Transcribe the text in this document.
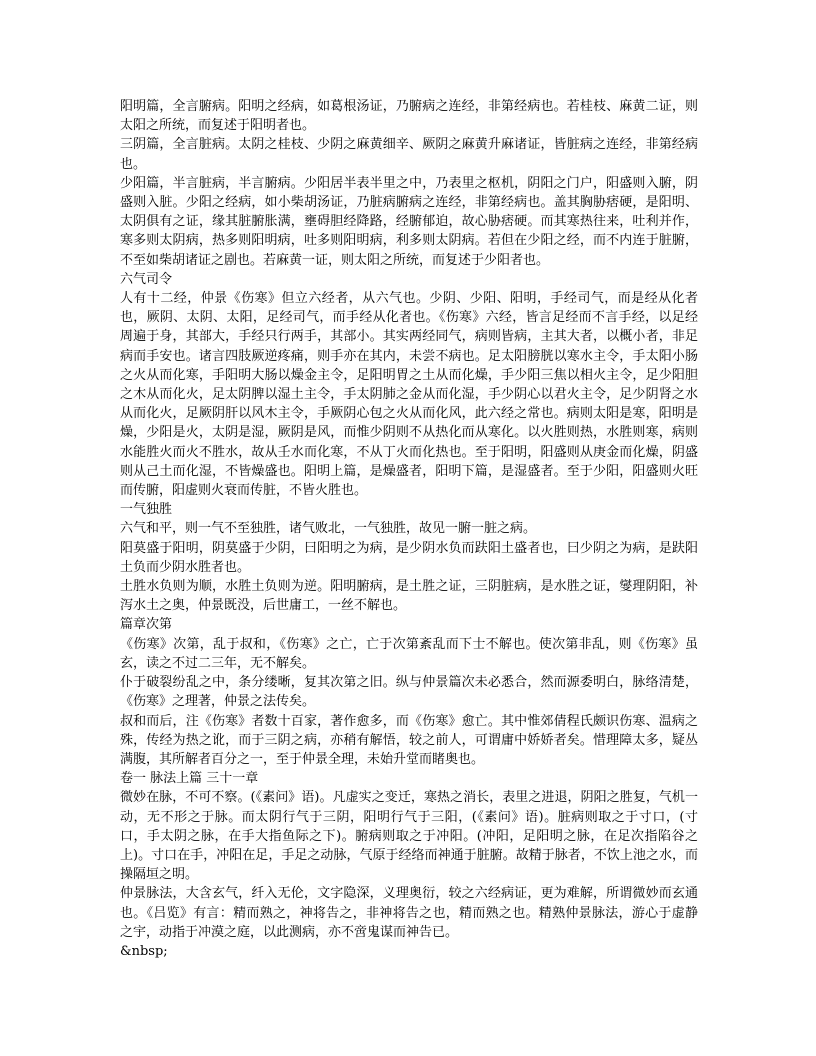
阳明篇，全言腑病。阳明之经病，如葛根汤证，乃腑病之连经，非第经病也。若桂枝、麻黄二证，则太阳之所统，而复述于阳明者也。

三阴篇，全言脏病。太阴之桂枝、少阴之麻黄细辛、厥阴之麻黄升麻诸证，皆脏病之连经，非第经病也。

少阳篇，半言脏病，半言腑病。少阳居半表半里之中，乃表里之枢机，阴阳之门户，阳盛则入腑，阴盛则入脏。少阳之经病，如小柴胡汤证，乃脏病腑病之连经，非第经病也。盖其胸胁痞硬，是阳明、太阴俱有之证，缘其脏腑胀满，壅碍胆经降路，经腑郁迫，故心胁痞硬。而其寒热往来，吐利并作，寒多则太阴病，热多则阳明病，吐多则阳明病，利多则太阴病。若但在少阳之经，而不内连于脏腑，不至如柴胡诸证之剧也。若麻黄一证，则太阳之所统，而复述于少阳者也。

六气司令

人有十二经，仲景《伤寒》但立六经者，从六气也。少阴、少阳、阳明，手经司气，而是经从化者也，厥阴、太阴、太阳，足经司气，而手经从化者也。《伤寒》六经，皆言足经而不言手经，以足经周遍于身，其部大，手经只行两手，其部小。其实两经同气，病则皆病，主其大者，以概小者，非足病而手安也。诸言四肢厥逆疼痛，则手亦在其内，未尝不病也。足太阳膀胱以寒水主令，手太阳小肠之火从而化寒，手阳明大肠以燥金主令，足阳明胃之土从而化燥，手少阳三焦以相火主令，足少阳胆之木从而化火，足太阴脾以湿土主令，手太阴肺之金从而化湿，手少阴心以君火主令，足少阴肾之水从而化火，足厥阴肝以风木主令，手厥阴心包之火从而化风，此六经之常也。病则太阳是寒，阳明是燥，少阳是火，太阴是湿，厥阴是风，而惟少阴则不从热化而从寒化。以火胜则热，水胜则寒，病则水能胜火而火不胜水，故从壬水而化寒，不从丁火而化热也。至于阳明，阳盛则从庚金而化燥，阴盛则从己土而化湿，不皆燥盛也。阳明上篇，是燥盛者，阳明下篇，是湿盛者。至于少阳，阳盛则火旺而传腑，阳虚则火衰而传脏，不皆火胜也。

一气独胜

六气和平，则一气不至独胜，诸气败北，一气独胜，故见一腑一脏之病。

阳莫盛于阳明，阴莫盛于少阴，曰阳明之为病，是少阴水负而趺阳土盛者也，曰少阴之为病，是趺阳土负而少阴水胜者也。

土胜水负则为顺，水胜土负则为逆。阳明腑病，是土胜之证，三阴脏病，是水胜之证，燮理阴阳，补泻水土之奥，仲景既没，后世庸工，一丝不解也。

篇章次第

《伤寒》次第，乱于叔和，《伤寒》之亡，亡于次第紊乱而下士不解也。使次第非乱，则《伤寒》虽玄，读之不过二三年，无不解矣。

仆于破裂纷乱之中，条分缕晰，复其次第之旧。纵与仲景篇次未必悉合，然而源委明白，脉络清楚，《伤寒》之理著，仲景之法传矣。

叔和而后，注《伤寒》者数十百家，著作愈多，而《伤寒》愈亡。其中惟郊倩程氏颇识伤寒、温病之殊，传经为热之讹，而于三阴之病，亦稍有解悟，较之前人，可谓庸中娇娇者矣。惜理障太多，疑丛满腹，其所解者百分之一，至于仲景全理，未始升堂而睹奥也。

卷一 脉法上篇 三十一章

微妙在脉，不可不察。(《素问》语)。凡虚实之变迁，寒热之消长，表里之进退，阴阳之胜复，气机一动，无不形之于脉。而太阴行气于三阴，阳明行气于三阳，(《素问》语)。脏病则取之于寸口，(寸口，手太阴之脉，在手大指鱼际之下)。腑病则取之于冲阳。(冲阳，足阳明之脉，在足次指陷谷之上)。寸口在手，冲阳在足，手足之动脉，气原于经络而神通于脏腑。故精于脉者，不饮上池之水，而操隔垣之明。

仲景脉法，大含玄气，纤入无伦，文字隐深，义理奥衍，较之六经病证，更为难解，所谓微妙而玄通也。《吕览》有言：精而熟之，神将告之，非神将告之也，精而熟之也。精熟仲景脉法，游心于虚静之宇，动指于冲漠之庭，以此测病，亦不啻鬼谋而神告已。

&nbsp;
